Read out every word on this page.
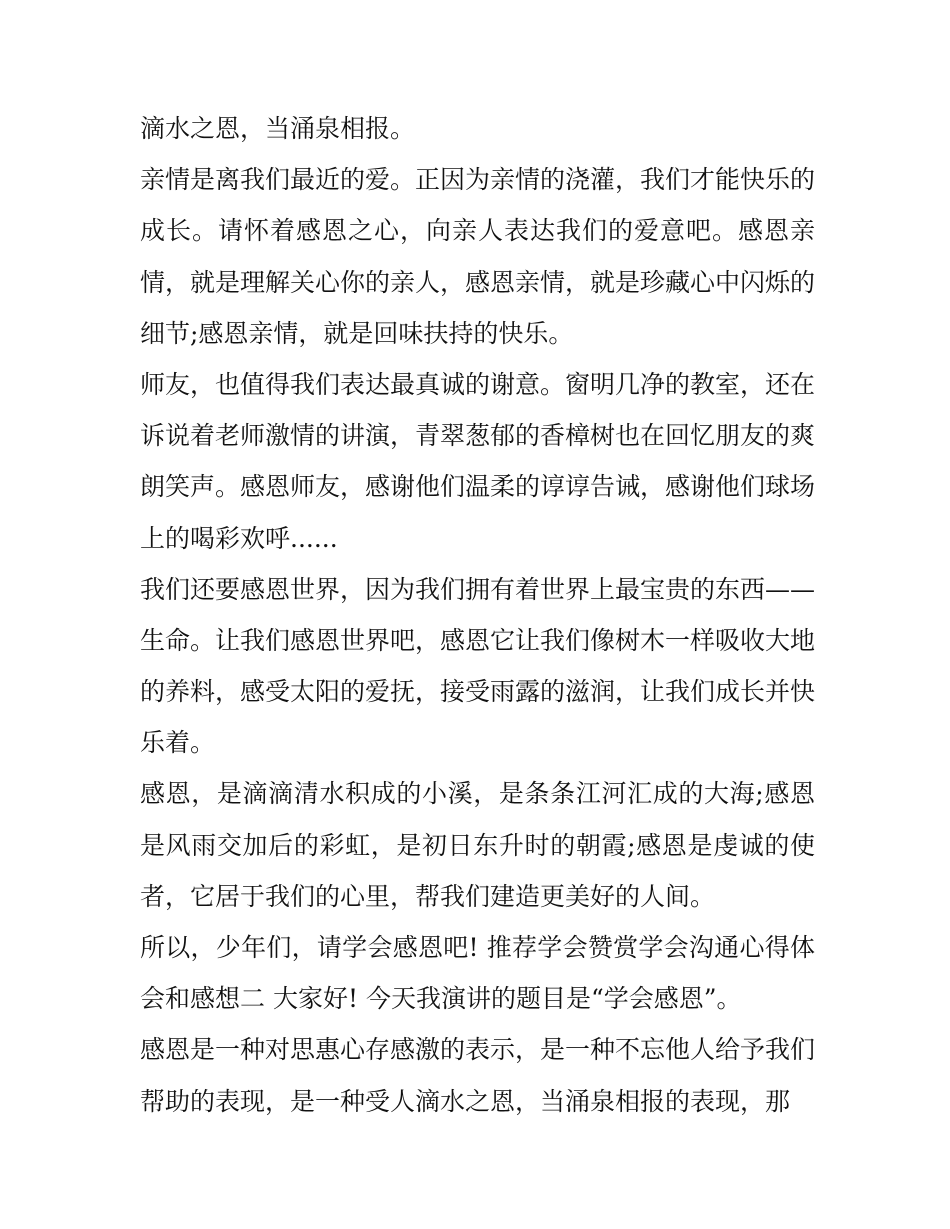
滴水之恩，当涌泉相报。
亲情是离我们最近的爱。正因为亲情的浇灌，我们才能快乐的
成长。请怀着感恩之心，向亲人表达我们的爱意吧。感恩亲
情，就是理解关心你的亲人，感恩亲情，就是珍藏心中闪烁的
细节;感恩亲情，就是回味扶持的快乐。
师友，也值得我们表达最真诚的谢意。窗明几净的教室，还在
诉说着老师激情的讲演，青翠葱郁的香樟树也在回忆朋友的爽
朗笑声。感恩师友，感谢他们温柔的谆谆告诫，感谢他们球场
上的喝彩欢呼......
我们还要感恩世界，因为我们拥有着世界上最宝贵的东西——
生命。让我们感恩世界吧，感恩它让我们像树木一样吸收大地
的养料，感受太阳的爱抚，接受雨露的滋润，让我们成长并快
乐着。
感恩，是滴滴清水积成的小溪，是条条江河汇成的大海;感恩
是风雨交加后的彩虹，是初日东升时的朝霞;感恩是虔诚的使
者，它居于我们的心里，帮我们建造更美好的人间。
所以，少年们，请学会感恩吧! 推荐学会赞赏学会沟通心得体
会和感想二 大家好! 今天我演讲的题目是“学会感恩”。
感恩是一种对思惠心存感激的表示，是一种不忘他人给予我们
帮助的表现，是一种受人滴水之恩，当涌泉相报的表现，那
